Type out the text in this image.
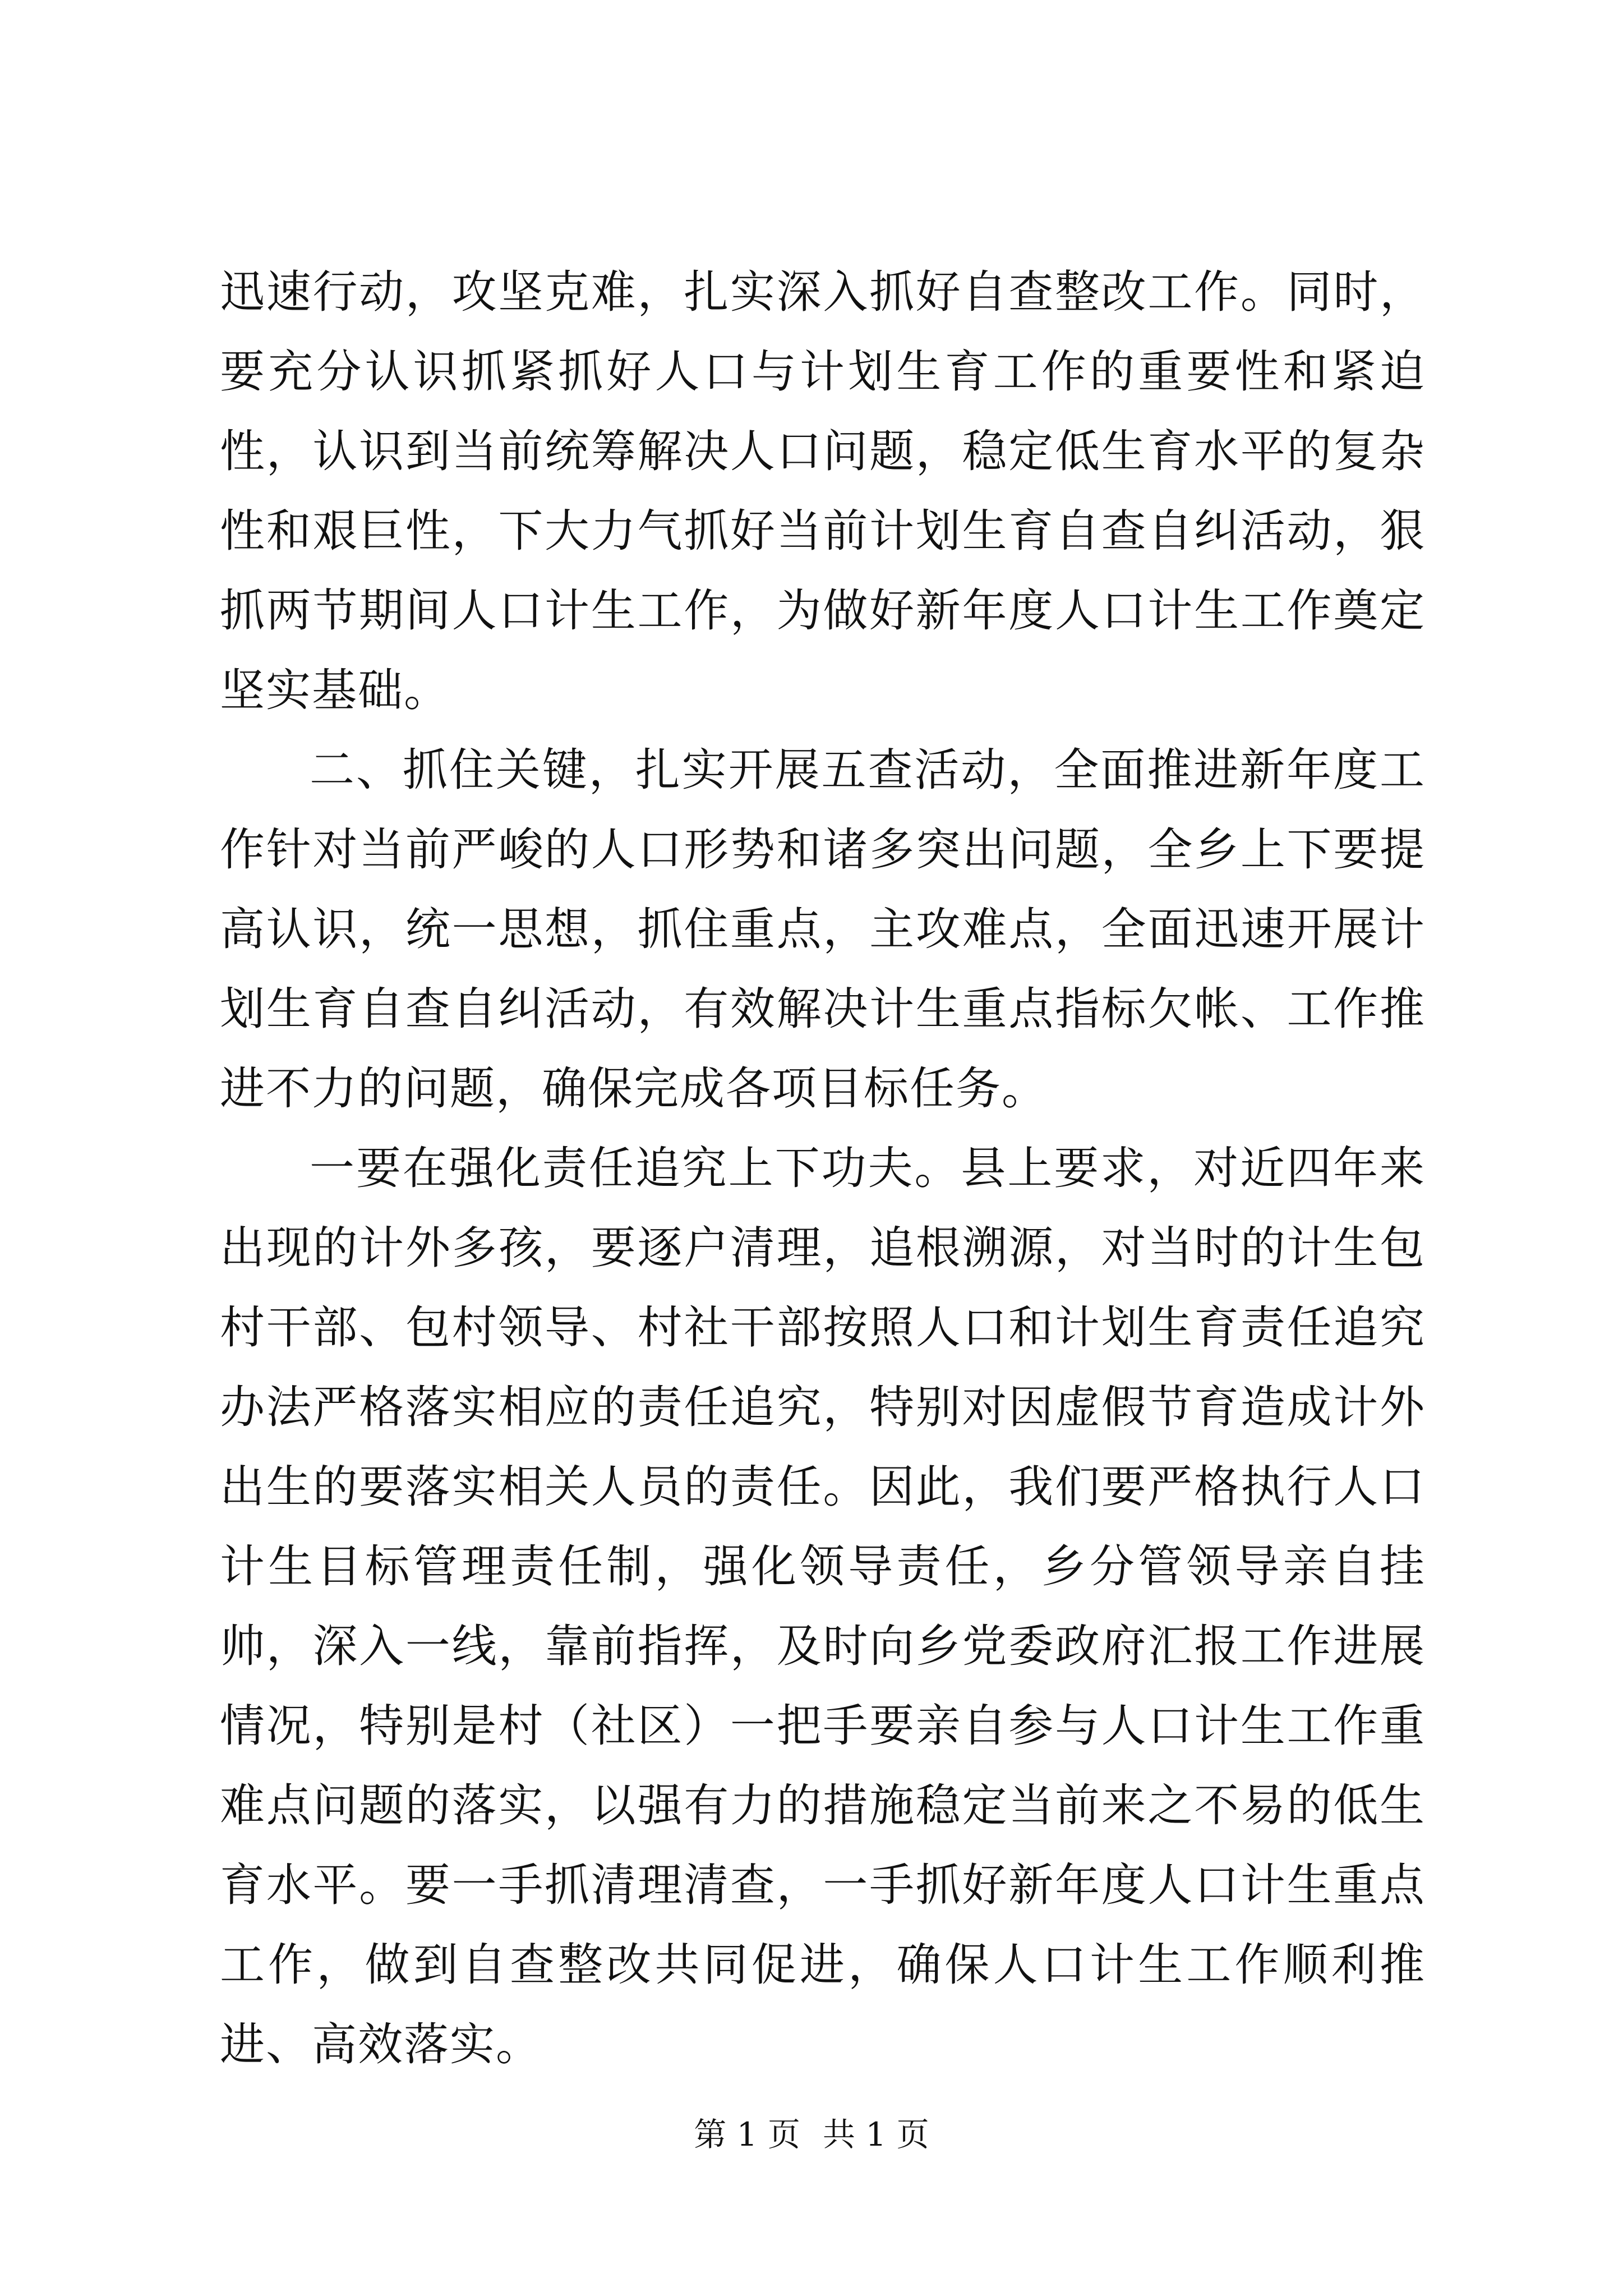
迅速行动，攻坚克难，扎实深入抓好自查整改工作。同时，要充分认识抓紧抓好人口与计划生育工作的重要性和紧迫性，认识到当前统筹解决人口问题，稳定低生育水平的复杂性和艰巨性，下大力气抓好当前计划生育自查自纠活动，狠抓两节期间人口计生工作，为做好新年度人口计生工作奠定坚实基础。

二、抓住关键，扎实开展五查活动，全面推进新年度工作针对当前严峻的人口形势和诸多突出问题，全乡上下要提高认识，统一思想，抓住重点，主攻难点，全面迅速开展计划生育自查自纠活动，有效解决计生重点指标欠帐、工作推进不力的问题，确保完成各项目标任务。

一要在强化责任追究上下功夫。县上要求，对近四年来出现的计外多孩，要逐户清理，追根溯源，对当时的计生包村干部、包村领导、村社干部按照人口和计划生育责任追究办法严格落实相应的责任追究，特别对因虚假节育造成计外出生的要落实相关人员的责任。因此，我们要严格执行人口计生目标管理责任制，强化领导责任，乡分管领导亲自挂帅，深入一线，靠前指挥，及时向乡党委政府汇报工作进展情况，特别是村（社区）一把手要亲自参与人口计生工作重难点问题的落实，以强有力的措施稳定当前来之不易的低生育水平。要一手抓清理清查，一手抓好新年度人口计生重点工作，做到自查整改共同促进，确保人口计生工作顺利推进、高效落实。

第 1 页 共 1 页
